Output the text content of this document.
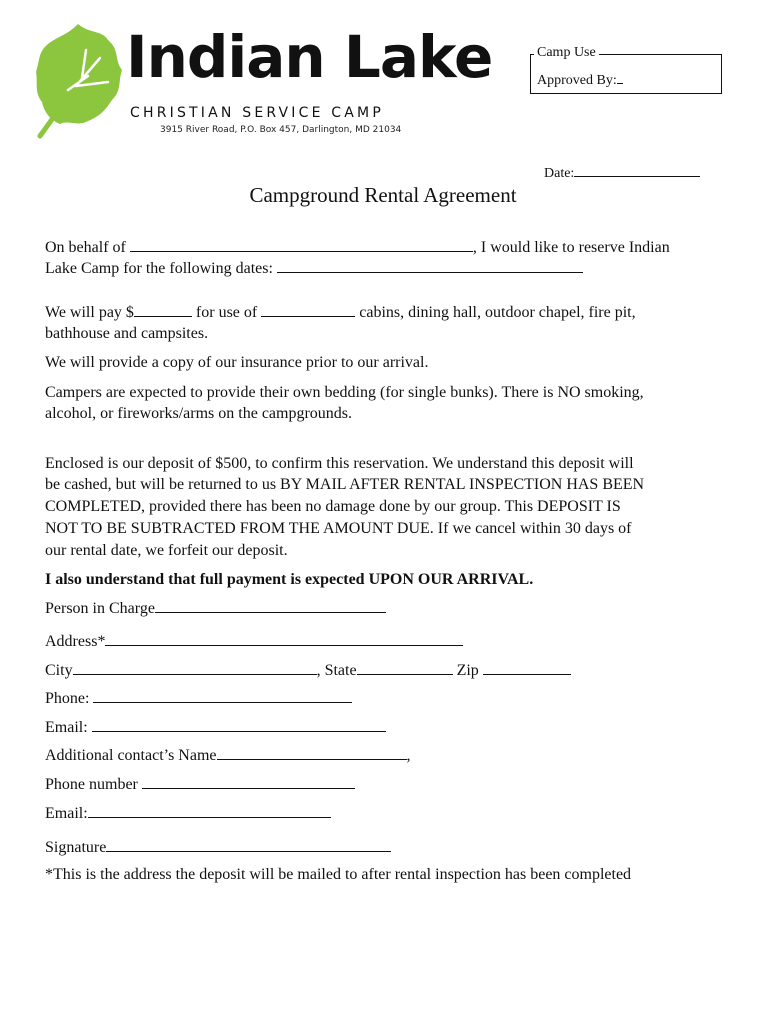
Indian Lake
CHRISTIAN SERVICE CAMP
3915 River Road, P.O. Box 457, Darlington, MD 21034
Camp Use
Approved By:
Date:
Campground Rental Agreement
On behalf of	, I would like to reserve Indian
Lake Camp for the following dates:
We will pay $	for use of	cabins, dining hall, outdoor chapel, fire pit,
bathhouse and campsites.
We will provide a copy of our insurance prior to our arrival.
Campers are expected to provide their own bedding (for single bunks). There is NO smoking,
alcohol, or fireworks/arms on the campgrounds.
Enclosed is our deposit of $500, to confirm this reservation. We understand this deposit will
be cashed, but will be returned to us BY MAIL AFTER RENTAL INSPECTION HAS BEEN
COMPLETED, provided there has been no damage done by our group. This DEPOSIT IS
NOT TO BE SUBTRACTED FROM THE AMOUNT DUE. If we cancel within 30 days of
our rental date, we forfeit our deposit.
I also understand that full payment is expected UPON OUR ARRIVAL.
Person in Charge
Address*
City	, State	Zip
Phone:
Email:
Additional contact’s Name	,
Phone number
Email:
Signature
*This is the address the deposit will be mailed to after rental inspection has been completed
